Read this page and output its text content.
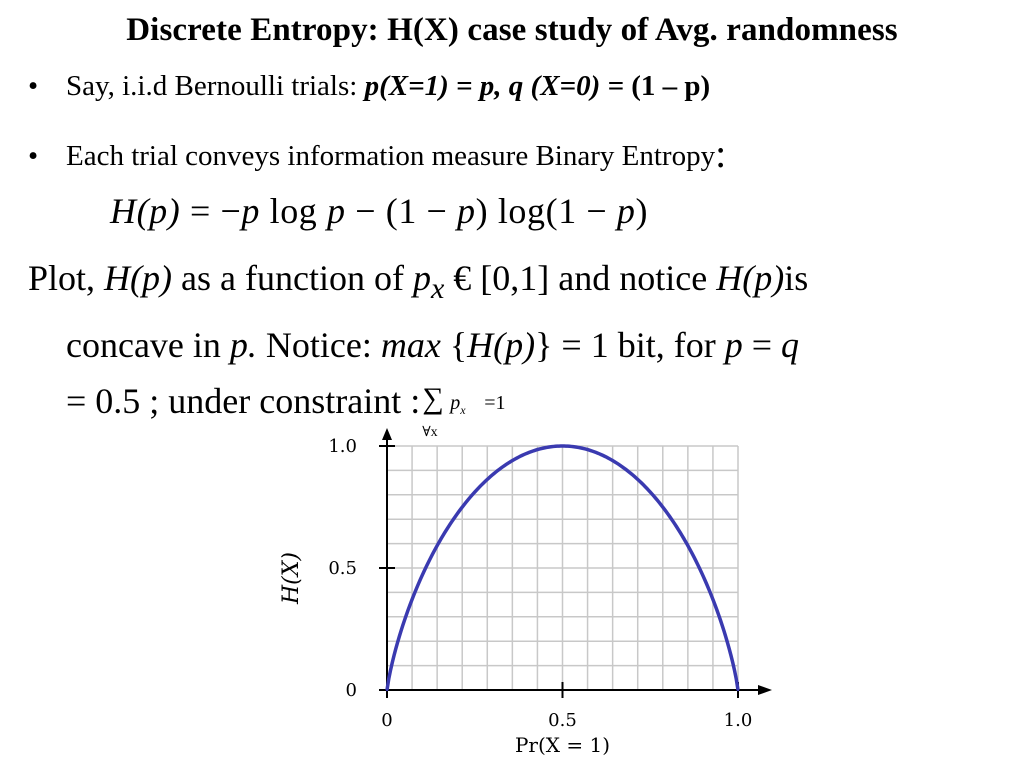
Discrete Entropy: H(X) case study of Avg. randomness
• Say, i.i.d Bernoulli trials: p(X=1) = p, q (X=0) = (1 – p)
• Each trial conveys information measure Binary Entropy:
H(p) = −p log p − (1 − p) log(1 − p)
Plot, H(p) as a function of $p_x$ € [0,1] and notice H(p)is
concave in p. Notice: max {H(p)} = 1 bit, for p = q
= 0.5 ; under constraint : ∑
∀x
$p_x =1$
0
0.5
1.0
0	0.5	1.0
Pr(X = 1)
H(X)
